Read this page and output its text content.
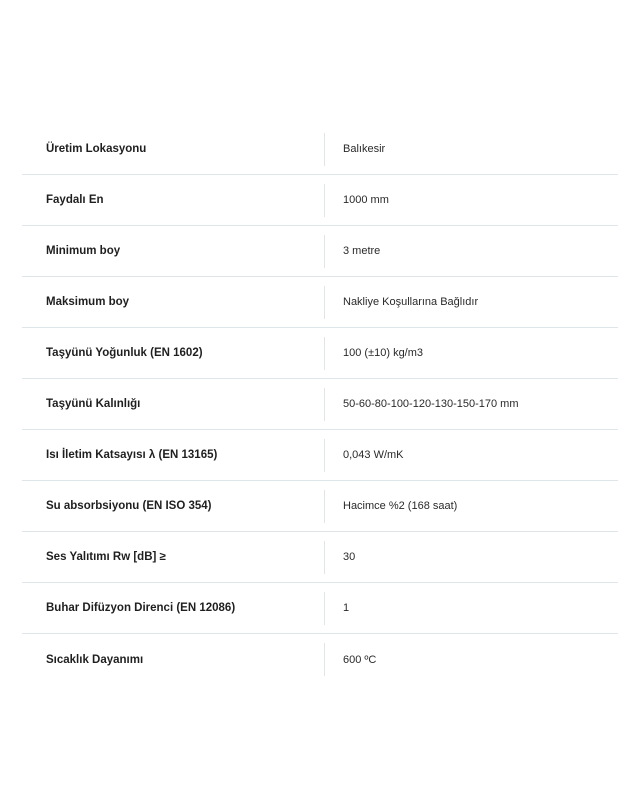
Üretim Lokasyonu	Balıkesir
Faydalı En	1000 mm
Minimum boy	3 metre
Maksimum boy	Nakliye Koşullarına Bağlıdır
Taşyünü Yoğunluk (EN 1602)	100 (±10) kg/m3
Taşyünü Kalınlığı	50-60-80-100-120-130-150-170 mm
Isı İletim Katsayısı λ (EN 13165)	0,043 W/mK
Su absorbsiyonu (EN ISO 354)	Hacimce %2 (168 saat)
Ses Yalıtımı Rw [dB] ≥	30
Buhar Difüzyon Direnci (EN 12086)	1
Sıcaklık Dayanımı	600 ºC
